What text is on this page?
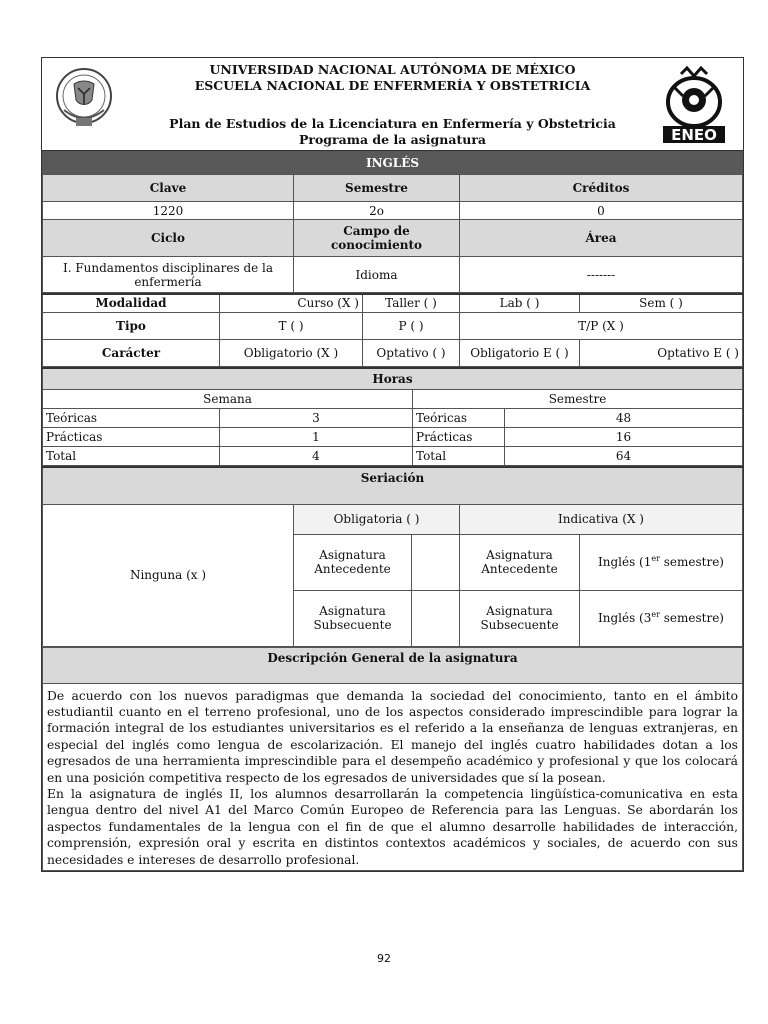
UNIVERSIDAD NACIONAL AUTÓNOMA DE MÉXICO
ESCUELA NACIONAL DE ENFERMERÍA Y OBSTETRICIA
Plan de Estudios de la Licenciatura en Enfermería y Obstetricia
Programa de la asignatura	ENEO
INGLÉS		
Clave	Semestre	Créditos
1220	2o	0
Ciclo	Campo de conocimiento	Área
I. Fundamentos disciplinares de la enfermería	Idioma	-------
Modalidad	Curso (X )	Taller ( )	Lab ( )	Sem ( )
Tipo	T ( )	P ( )	T/P (X )	
Carácter	Obligatorio (X )	Optativo ( )	Obligatorio E ( )	Optativo E ( )
Horas			
Semana		Semestre	
Teóricas	3	Teóricas	48
Prácticas	1	Prácticas	16
Total	4	Total	64
Seriación				
Ninguna (x )	Obligatoria ( )		Indicativa (X )	
	Asignatura Antecedente		Asignatura Antecedente	Inglés (1er semestre)
	Asignatura Subsecuente		Asignatura Subsecuente	Inglés (3er semestre)
Descripción General de la asignatura

De acuerdo con los nuevos paradigmas que demanda la sociedad del conocimiento, tanto en el ámbito estudiantil cuanto en el terreno profesional, uno de los aspectos considerado imprescindible para lograr la formación integral de los estudiantes universitarios es el referido a la enseñanza de lenguas extranjeras, en especial del inglés como lengua de escolarización. El manejo del inglés cuatro habilidades dotan a los egresados de una herramienta imprescindible para el desempeño académico y profesional y que los colocará en una posición competitiva respecto de los egresados de universidades que sí la posean.

En la asignatura de inglés II, los alumnos desarrollarán la competencia lingüística-comunicativa en esta lengua dentro del nivel A1 del Marco Común Europeo de Referencia para las Lenguas. Se abordarán los aspectos fundamentales de la lengua con el fin de que el alumno desarrolle habilidades de interacción, comprensión, expresión oral y escrita en distintos contextos académicos y sociales, de acuerdo con sus necesidades e intereses de desarrollo profesional.

92
